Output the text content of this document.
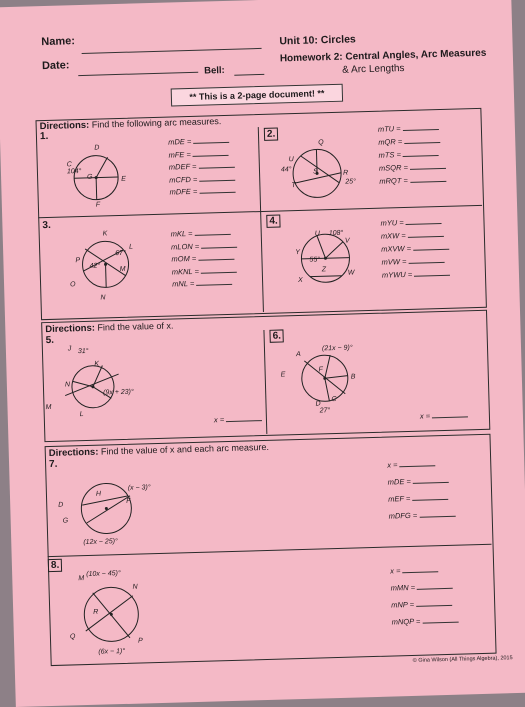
Name:
Date:	Bell:
Unit 10: Circles
Homework 2: Central Angles, Arc Measures
& Arc Lengths
** This is a 2-page document! **
Directions: Find the following arc measures.
1.
104°
D
C
G	E
F
mDE =
mFE =
mDEF =
mCFD =
mDFE =
2.
44°
25°
Q
U
T
S	R
mTU =
mQR =
mTS =
mSQR =
mRQT =
3.
67°
42°
K
L
P
M
O
N
mKL =
mLON =
mOM =
mKNL =
mNL =
4.
108°
55°
U
V
Y
Z	W
X
mYU =
mXW =
mXVW =
mVW =
mYWU =
Directions: Find the value of x.
5.
31°
(9x + 23)°
J
K
N
M
L
x =
6.
(21x − 9)°
27°
A
E
F
B
D
C
x =
Directions: Find the value of x and each arc measure.
7.
(x − 3)°
(12x − 25)°
H
D
G
F
x =
mDE =
mEF =
mDFG =
8.
(10x − 45)°
(6x − 1)°
M
N
R
Q
P
x =
mMN =
mNP =
mNQP =
© Gina Wilson (All Things Algebra), 2015
